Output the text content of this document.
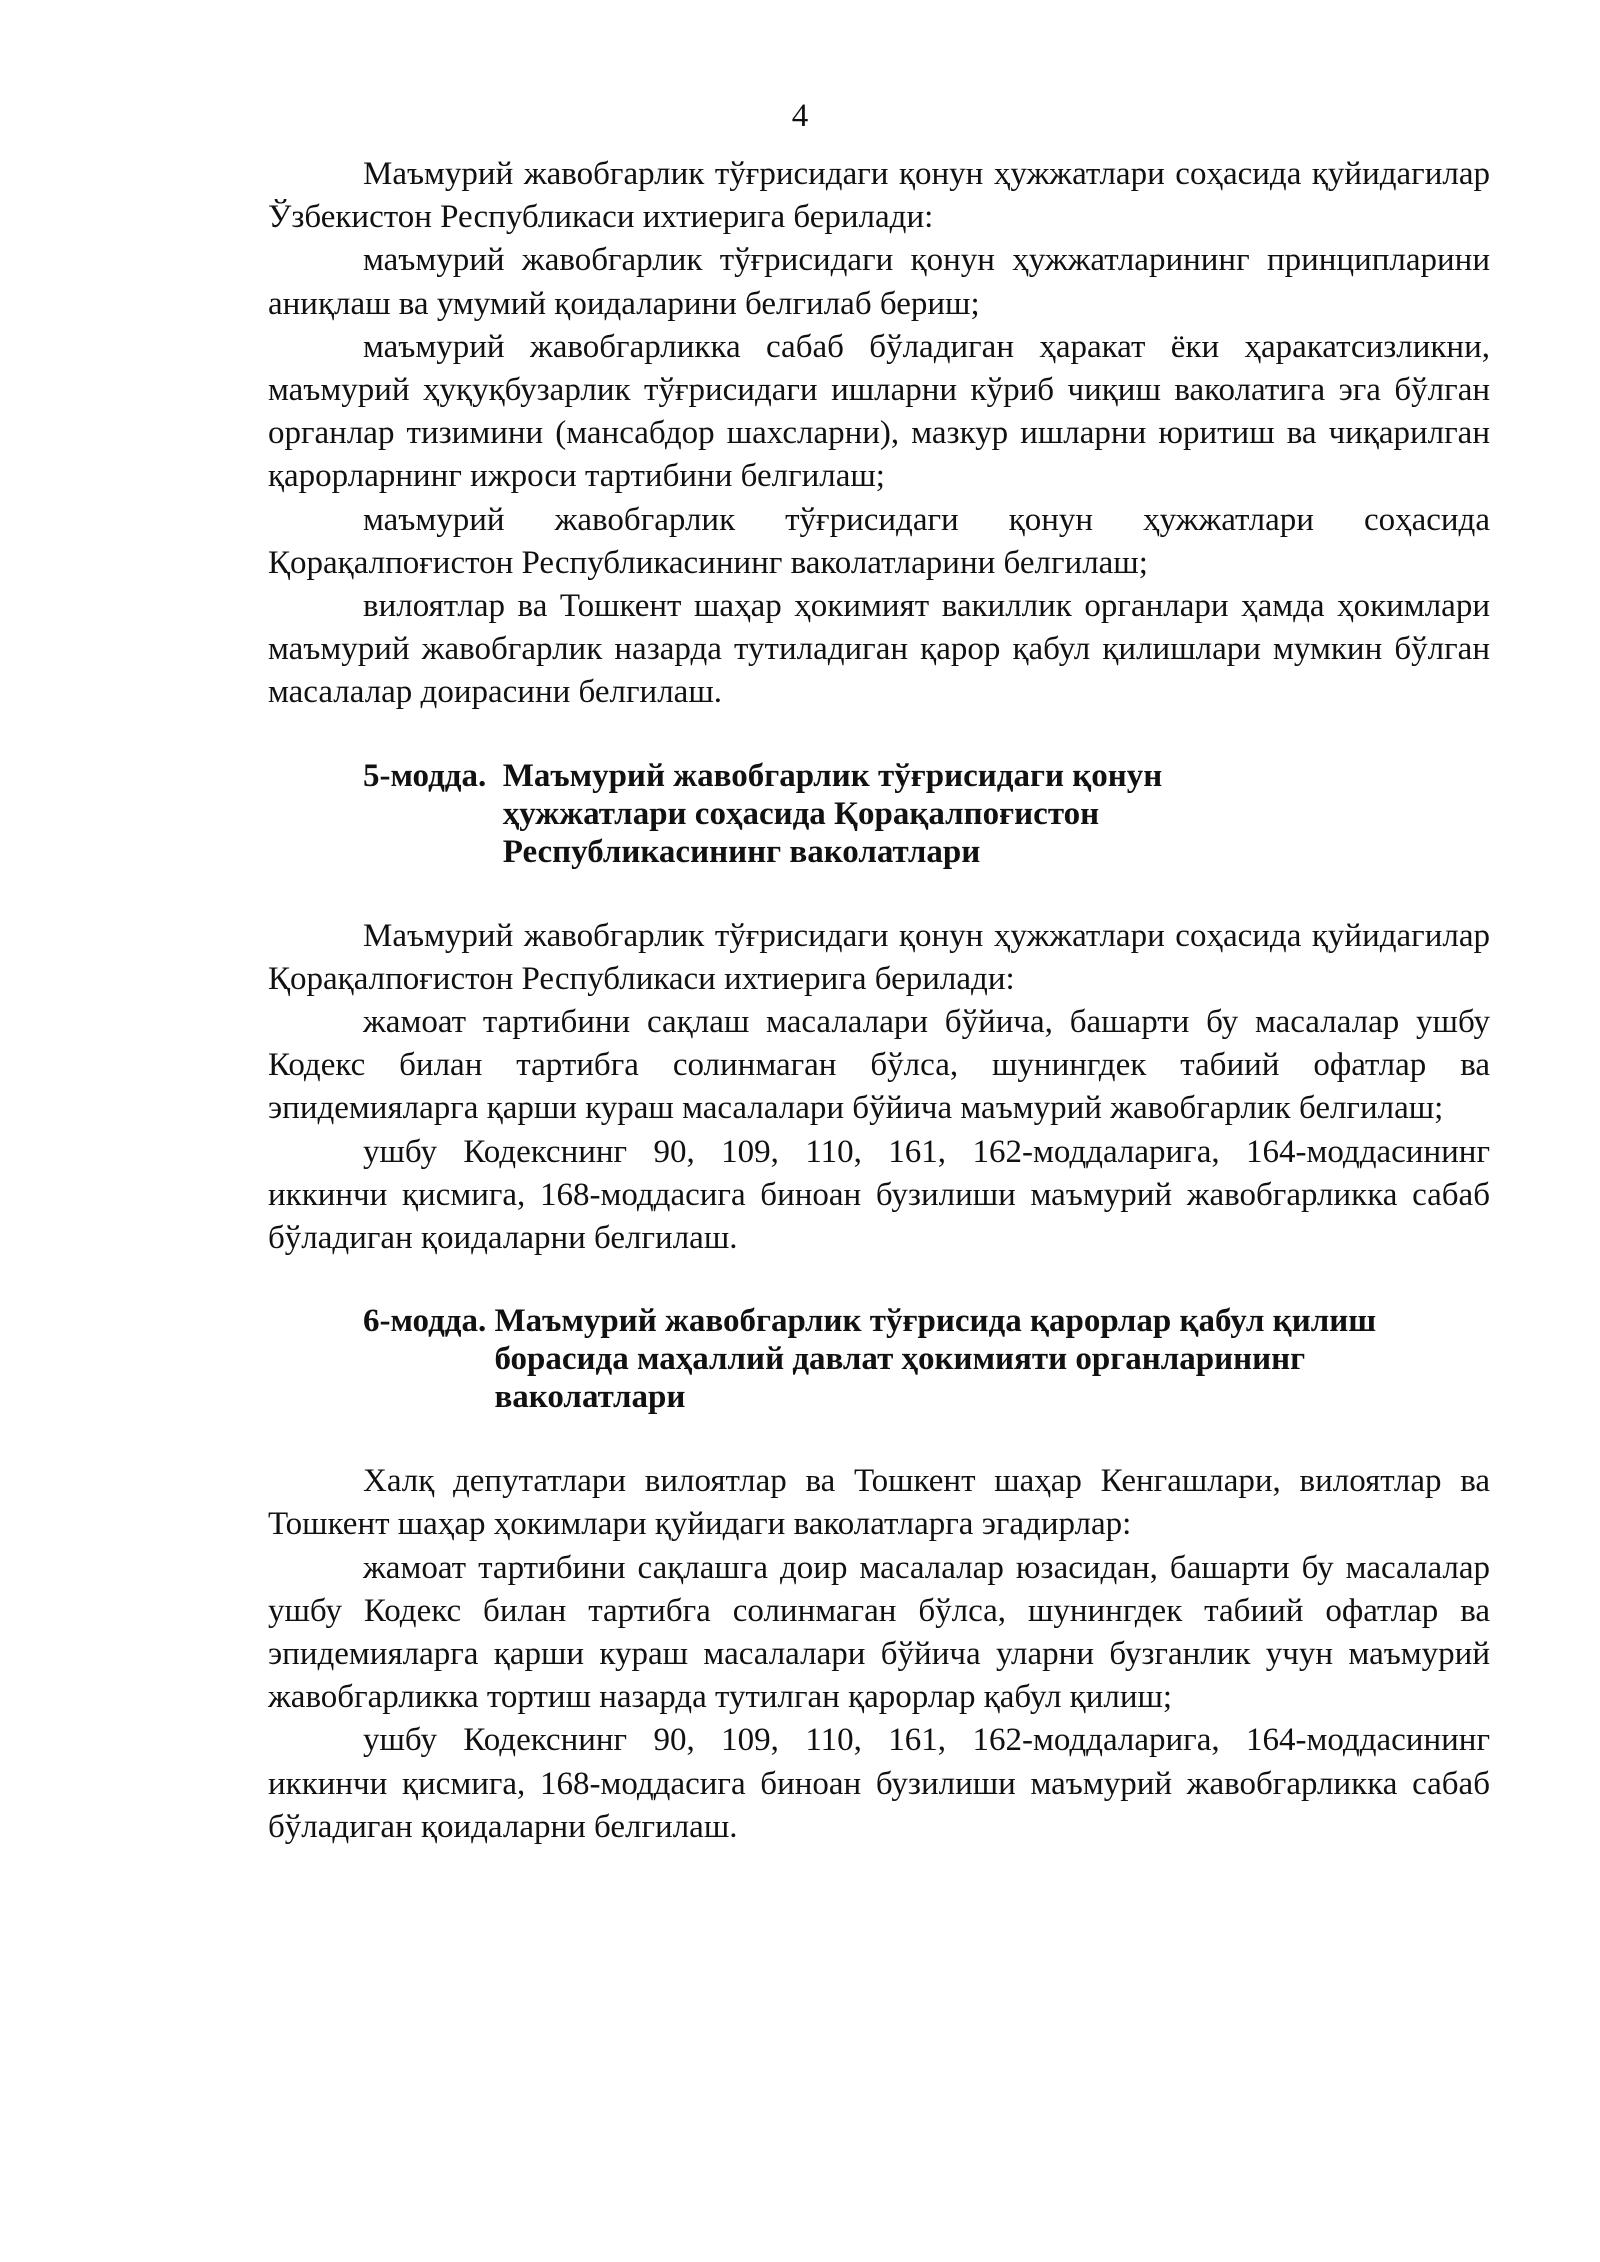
4

Маъмурий жавобгарлик тўғрисидаги қонун ҳужжатлари соҳасида қуйидагилар Ўзбекистон Республикаси ихтиерига берилади:

маъмурий жавобгарлик тўғрисидаги қонун ҳужжатларининг принципларини аниқлаш ва умумий қоидаларини белгилаб бериш;

маъмурий жавобгарликка сабаб бўладиган ҳаракат ёки ҳаракатсизликни, маъмурий ҳуқуқбузарлик тўғрисидаги ишларни кўриб чиқиш ваколатига эга бўлган органлар тизимини (мансабдор шахсларни), мазкур ишларни юритиш ва чиқарилган қарорларнинг ижроси тартибини белгилаш;

маъмурий жавобгарлик тўғрисидаги қонун ҳужжатлари соҳасида Қорақалпоғистон Республикасининг ваколатларини белгилаш;

вилоятлар ва Тошкент шаҳар ҳокимият вакиллик органлари ҳамда ҳокимлари маъмурий жавобгарлик назарда тутиладиган қарор қабул қилишлари мумкин бўлган масалалар доирасини белгилаш.

5-модда. Маъмурий жавобгарлик тўғрисидаги қонун ҳужжатлари соҳасида Қорақалпоғистон Республикасининг ваколатлари

Маъмурий жавобгарлик тўғрисидаги қонун ҳужжатлари соҳасида қуйидагилар Қорақалпоғистон Республикаси ихтиерига берилади:

жамоат тартибини сақлаш масалалари бўйича, башарти бу масалалар ушбу Кодекс билан тартибга солинмаган бўлса, шунингдек табиий офатлар ва эпидемияларга қарши кураш масалалари бўйича маъмурий жавобгарлик белгилаш;

ушбу Кодекснинг 90, 109, 110, 161, 162-моддаларига, 164-моддасининг иккинчи қисмига, 168-моддасига биноан бузилиши маъмурий жавобгарликка сабаб бўладиган қоидаларни белгилаш.

6-модда. Маъмурий жавобгарлик тўғрисида қарорлар қабул қилиш борасида маҳаллий давлат ҳокимияти органларининг ваколатлари

Халқ депутатлари вилоятлар ва Тошкент шаҳар Кенгашлари, вилоятлар ва Тошкент шаҳар ҳокимлари қуйидаги ваколатларга эгадирлар:

жамоат тартибини сақлашга доир масалалар юзасидан, башарти бу масалалар ушбу Кодекс билан тартибга солинмаган бўлса, шунингдек табиий офатлар ва эпидемияларга қарши кураш масалалари бўйича уларни бузганлик учун маъмурий жавобгарликка тортиш назарда тутилган қарорлар қабул қилиш;

ушбу Кодекснинг 90, 109, 110, 161, 162-моддаларига, 164-моддасининг иккинчи қисмига, 168-моддасига биноан бузилиши маъмурий жавобгарликка сабаб бўладиган қоидаларни белгилаш.
